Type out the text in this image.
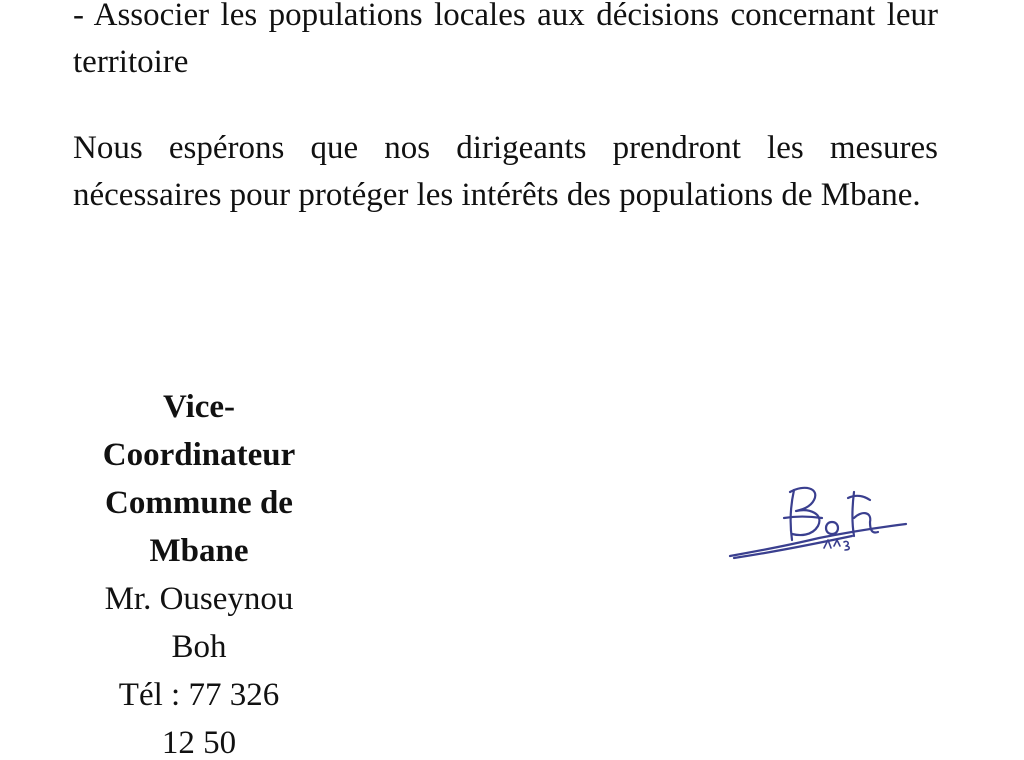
- Associer les populations locales aux décisions concernant leur territoire

Nous espérons que nos dirigeants prendront les mesures nécessaires pour protéger les intérêts des populations de Mbane.

Vice-

Coordinateur

Commune de

Mbane

Mr. Ouseynou

Boh

Tél : 77 326

12 50
